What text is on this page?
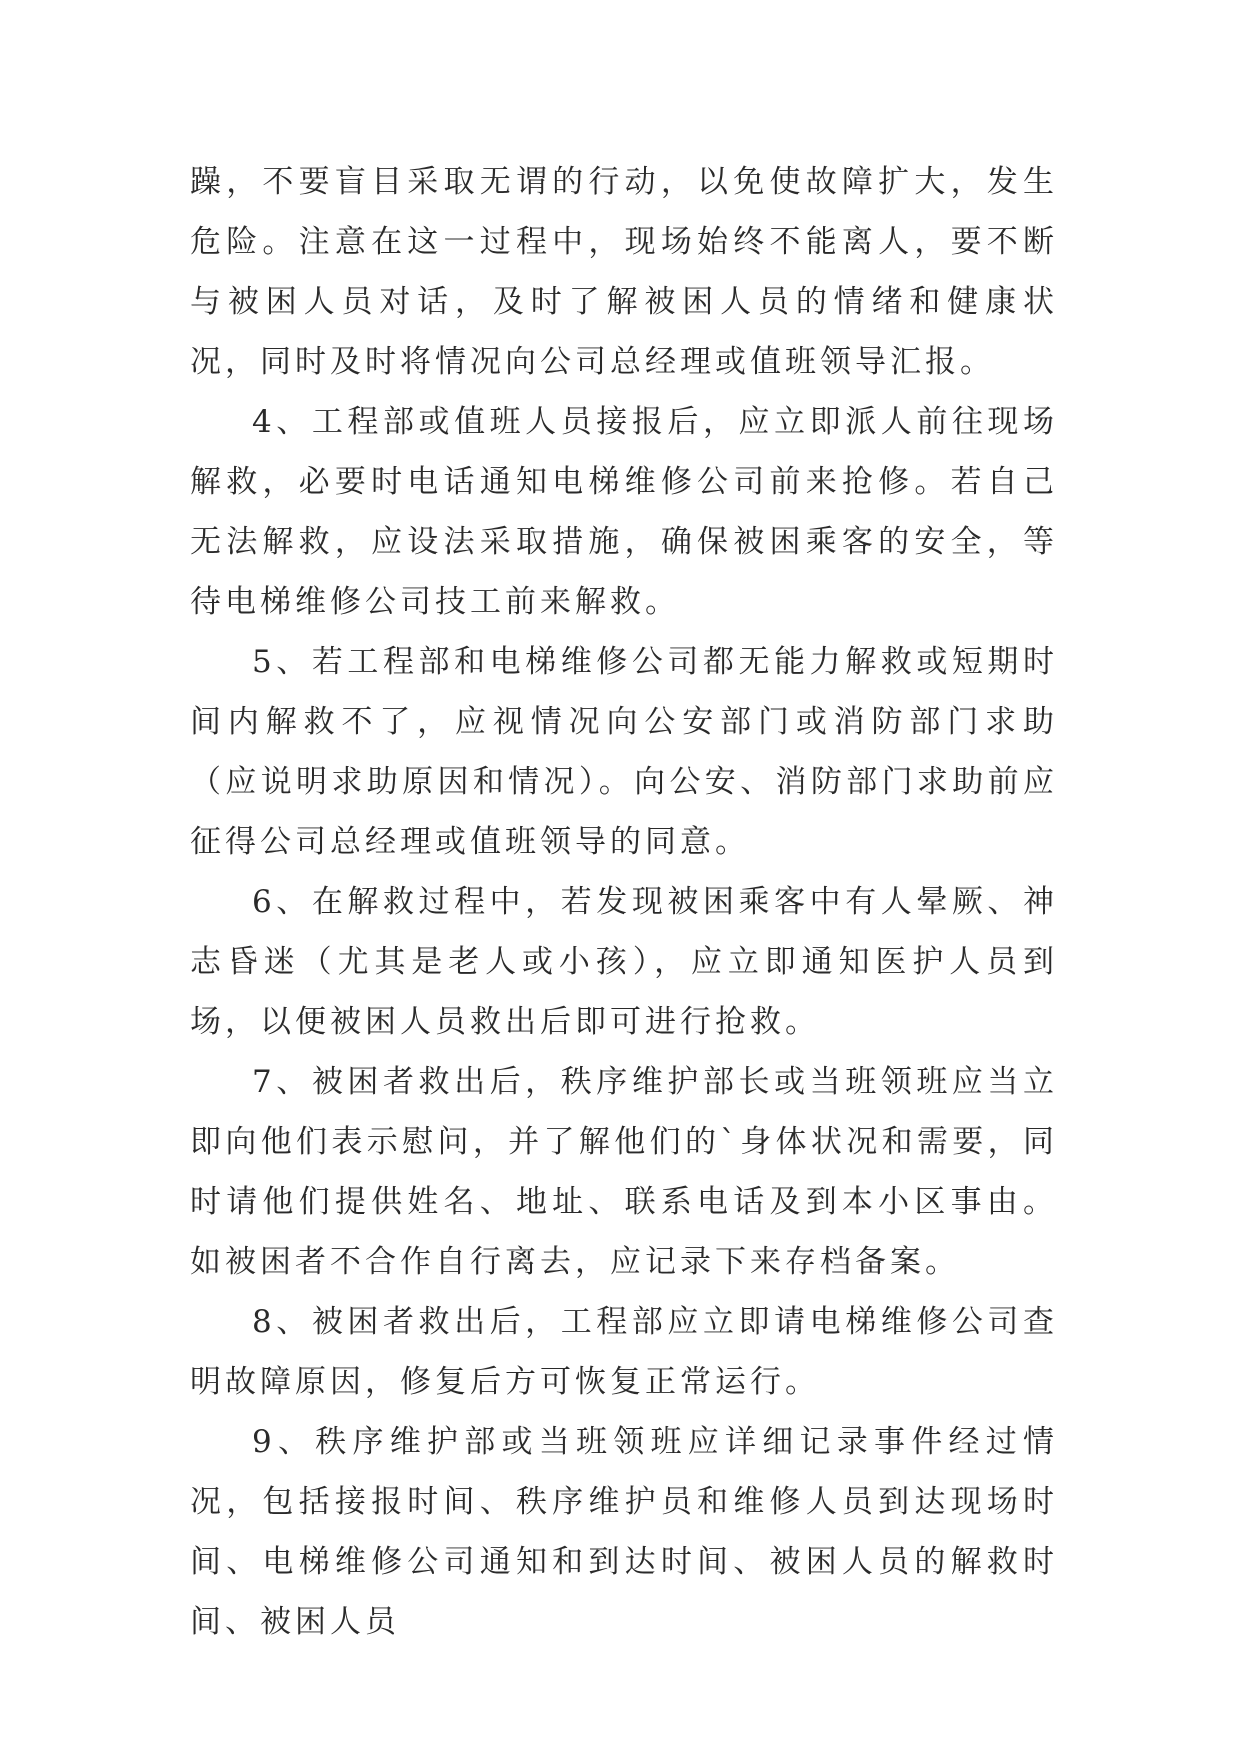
躁，不要盲目采取无谓的行动，以免使故障扩大，发生危险。注意在这一过程中，现场始终不能离人，要不断与被困人员对话，及时了解被困人员的情绪和健康状况，同时及时将情况向公司总经理或值班领导汇报。

4、工程部或值班人员接报后，应立即派人前往现场解救，必要时电话通知电梯维修公司前来抢修。若自己无法解救，应设法采取措施，确保被困乘客的安全，等待电梯维修公司技工前来解救。

5、若工程部和电梯维修公司都无能力解救或短期时间内解救不了，应视情况向公安部门或消防部门求助（应说明求助原因和情况）。向公安、消防部门求助前应征得公司总经理或值班领导的同意。

6、在解救过程中，若发现被困乘客中有人晕厥、神志昏迷（尤其是老人或小孩），应立即通知医护人员到场，以便被困人员救出后即可进行抢救。

7、被困者救出后，秩序维护部长或当班领班应当立即向他们表示慰问，并了解他们的`身体状况和需要，同时请他们提供姓名、地址、联系电话及到本小区事由。如被困者不合作自行离去，应记录下来存档备案。

8、被困者救出后，工程部应立即请电梯维修公司查明故障原因，修复后方可恢复正常运行。

9、秩序维护部或当班领班应详细记录事件经过情况，包括接报时间、秩序维护员和维修人员到达现场时间、电梯维修公司通知和到达时间、被困人员的解救时间、被困人员
